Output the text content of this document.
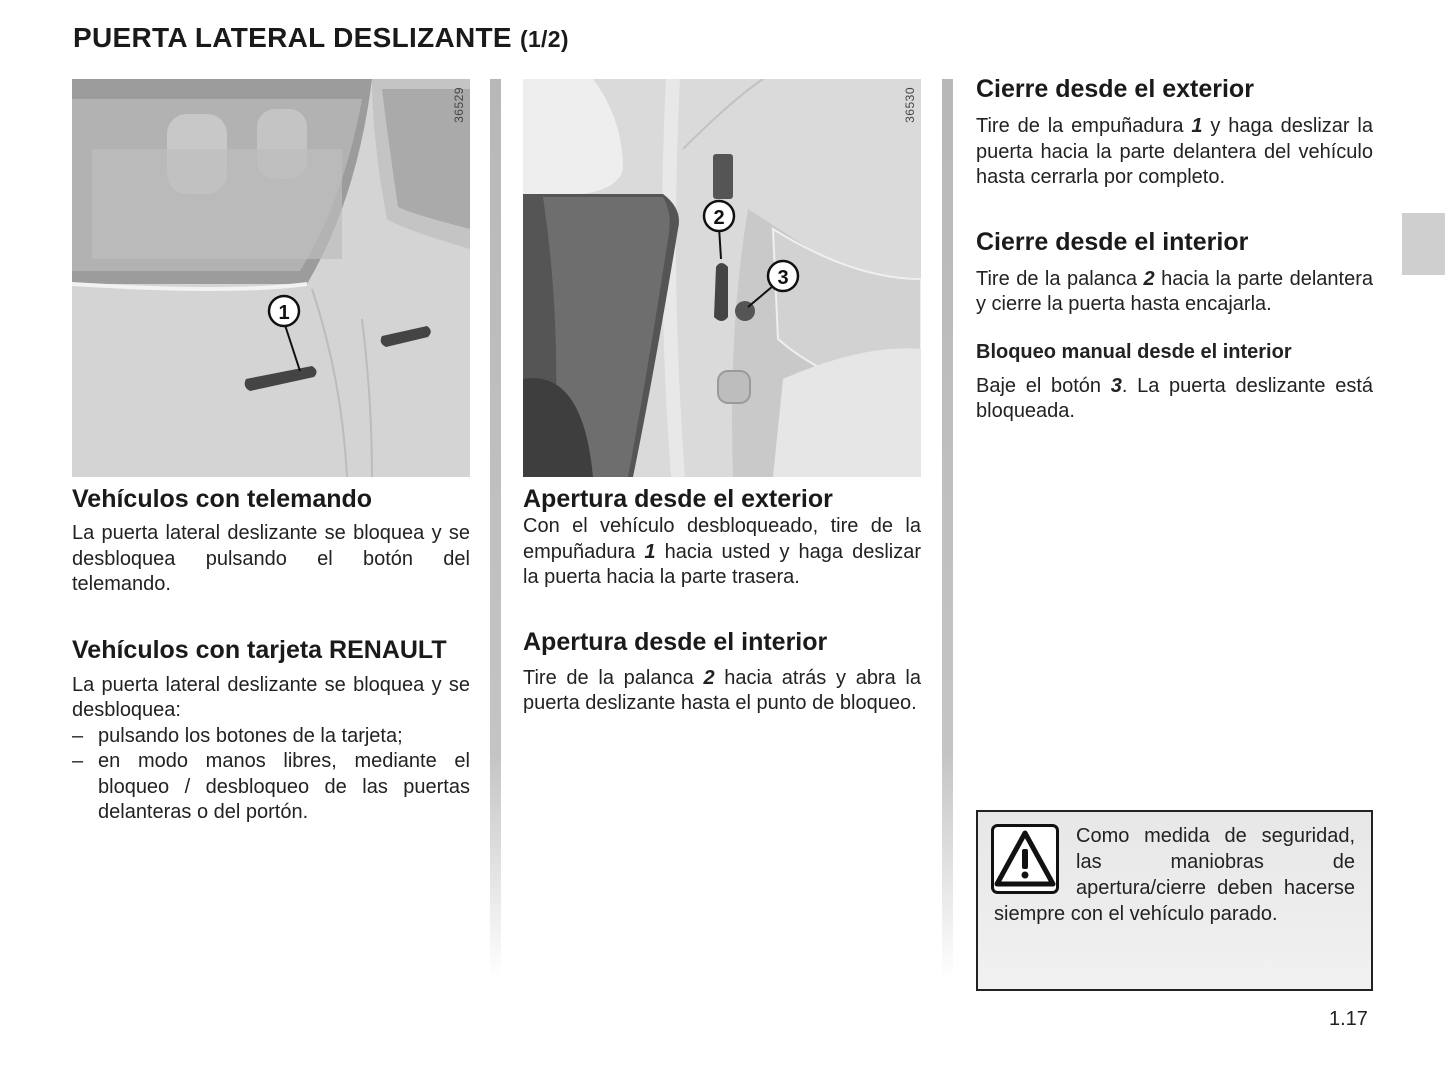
PUERTA LATERAL DESLIZANTE (1/2)
1
36529
Vehículos con telemando

La puerta lateral deslizante se bloquea y se desbloquea pulsando el botón del telemando.

Vehículos con tarjeta RENAULT

La puerta lateral deslizante se bloquea y se desbloquea:

– pulsando los botones de la tarjeta;
– en modo manos libres, mediante el bloqueo / desbloqueo de las puertas delanteras o del portón.
2
3
36530
Apertura desde el exterior

Con el vehículo desbloqueado, tire de la empuñadura 1 hacia usted y haga deslizar la puerta hacia la parte trasera.

Apertura desde el interior

Tire de la palanca 2 hacia atrás y abra la puerta deslizante hasta el punto de bloqueo.

Cierre desde el exterior

Tire de la empuñadura 1 y haga deslizar la puerta hacia la parte delantera del vehículo hasta cerrarla por completo.

Cierre desde el interior

Tire de la palanca 2 hacia la parte delantera y cierre la puerta hasta encajarla.

Bloqueo manual desde el interior

Baje el botón 3. La puerta deslizante está bloqueada.

Como medida de seguridad, las maniobras de apertura/cierre deben hacerse siempre con el vehículo parado.

1.17
